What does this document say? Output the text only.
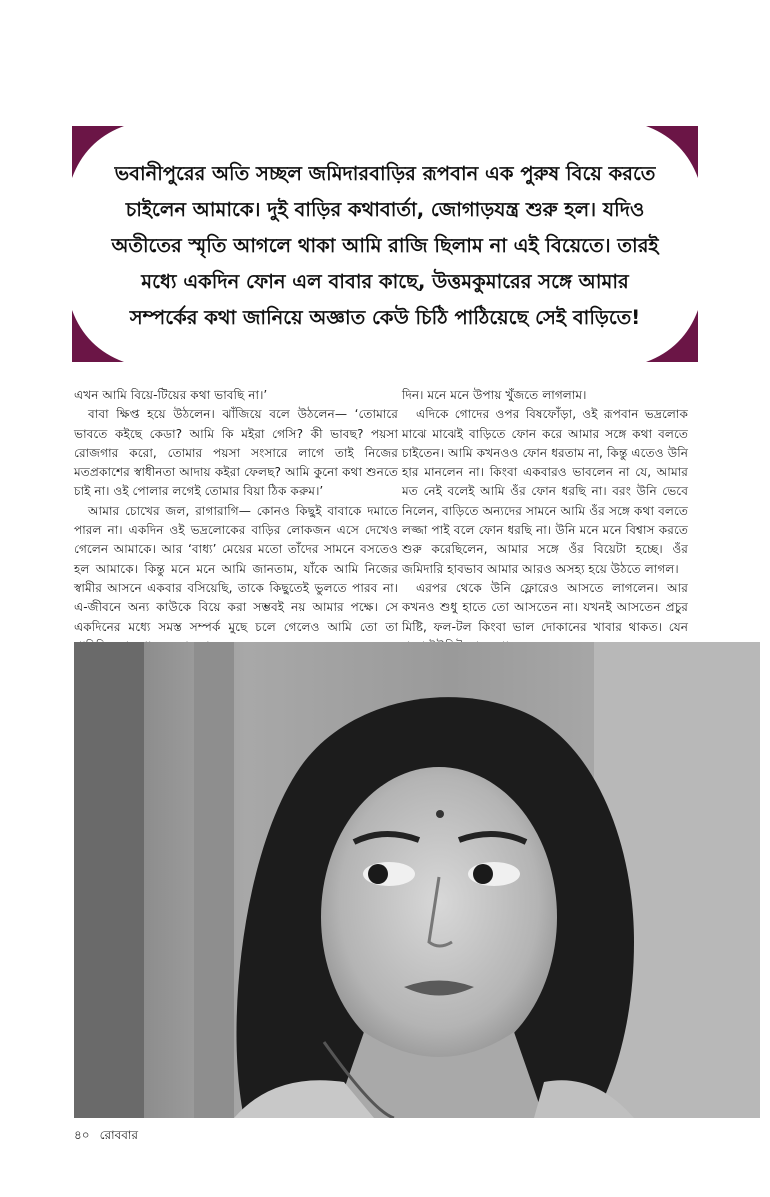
ভবানীপুরের অতি সচ্ছল জমিদারবাড়ির রূপবান এক পুরুষ বিয়ে করতে
চাইলেন আমাকে। দুই বাড়ির কথাবার্তা, জোগাড়যন্ত্র শুরু হল। যদিও
অতীতের স্মৃতি আগলে থাকা আমি রাজি ছিলাম না এই বিয়েতে। তারই
মধ্যে একদিন ফোন এল বাবার কাছে, উত্তমকুমারের সঙ্গে আমার
সম্পর্কের কথা জানিয়ে অজ্ঞাত কেউ চিঠি পাঠিয়েছে সেই বাড়িতে!

এখন আমি বিয়ে-টিয়ের কথা ভাবছি না।’

বাবা ক্ষিপ্ত হয়ে উঠলেন। ঝাঁজিয়ে বলে উঠলেন— ‘তোমারে ভাবতে কইছে কেডা? আমি কি মইরা গেসি? কী ভাবছ? পয়সা রোজগার করো, তোমার পয়সা সংসারে লাগে তাই নিজের মতপ্রকাশের স্বাধীনতা আদায় কইরা ফেলছ? আমি কুনো কথা শুনতে চাই না। ওই পোলার লগেই তোমার বিয়া ঠিক করুম।’

আমার চোখের জল, রাগারাগি— কোনও কিছুই বাবাকে দমাতে পারল না। একদিন ওই ভদ্রলোকের বাড়ির লোকজন এসে দেখেও গেলেন আমাকে। আর ‘বাধ্য’ মেয়ের মতো তাঁদের সামনে বসতেও হল আমাকে। কিন্তু মনে মনে আমি জানতাম, যাঁকে আমি নিজের স্বামীর আসনে একবার বসিয়েছি, তাকে কিছুতেই ভুলতে পারব না। এ-জীবনে অন্য কাউকে বিয়ে করা সম্ভবই নয় আমার পক্ষে। সে একদিনের মধ্যে সমস্ত সম্পর্ক মুছে চলে গেলেও আমি তো তা

দিন। মনে মনে উপায় খুঁজতে লাগলাম।

এদিকে গোদের ওপর বিষফোঁড়া, ওই রূপবান ভদ্রলোক মাঝে মাঝেই বাড়িতে ফোন করে আমার সঙ্গে কথা বলতে চাইতেন। আমি কখনওও ফোন ধরতাম না, কিন্তু এতেও উনি হার মানলেন না। কিংবা একবারও ভাবলেন না যে, আমার মত নেই বলেই আমি ওঁর ফোন ধরছি না। বরং উনি ভেবে নিলেন, বাড়িতে অন্যদের সামনে আমি ওঁর সঙ্গে কথা বলতে লজ্জা পাই বলে ফোন ধরছি না। উনি মনে মনে বিশ্বাস করতে শুরু করেছিলেন, আমার সঙ্গে ওঁর বিয়েটা হচ্ছে। ওঁর জমিদারি হাবভাব আমার আরও অসহ্য হয়ে উঠতে লাগল।

এরপর থেকে উনি ফ্লোরেও আসতে লাগলেন। আর কখনও শুধু হাতে তো আসতেন না। যখনই আসতেন প্রচুর মিষ্টি, ফল-টল কিংবা ভাল দোকানের খাবার থাকত। যেন

৪০ রোববার
